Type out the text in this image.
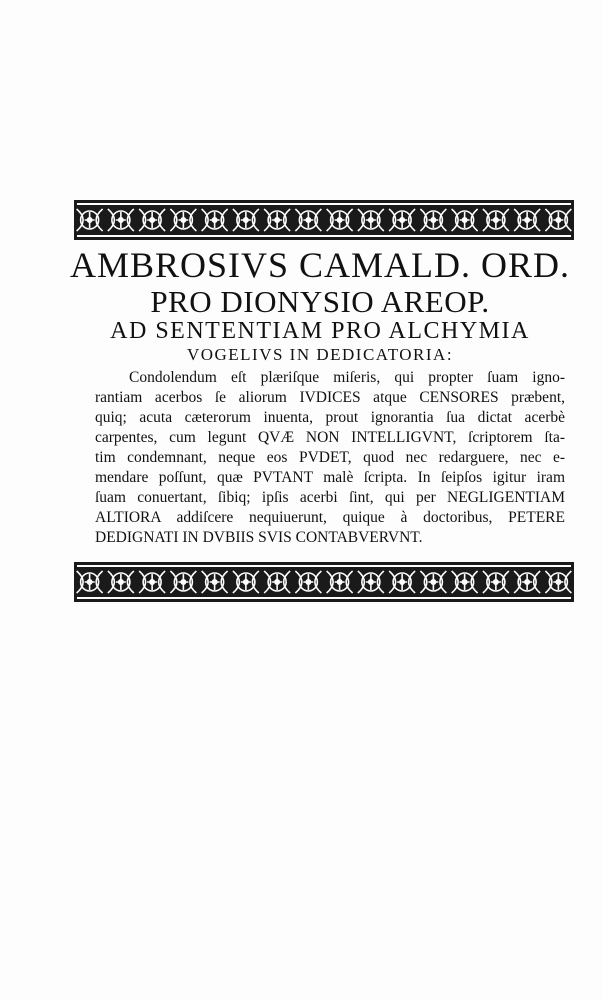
AMBROSIVS CAMALD. ORD.
PRO DIONYSIO AREOP.
AD SENTENTIAM PRO ALCHYMIA
VOGELIVS IN DEDICATORIA:
Condolendum eſt plæriſque miſeris, qui propter ſuam igno-
rantiam acerbos ſe aliorum IVDICES atque CENSORES præbent,
quiq; acuta cæterorum inuenta, prout ignorantia ſua dictat acerbè
carpentes, cum legunt QVÆ NON INTELLIGVNT, ſcriptorem ſta-
tim condemnant, neque eos PVDET, quod nec redarguere, nec e-
mendare poſſunt, quæ PVTANT malè ſcripta. In ſeipſos igitur iram
ſuam conuertant, ſibiq; ipſis acerbi ſint, qui per NEGLIGENTIAM
ALTIORA addiſcere nequiuerunt, quique à doctoribus, PETERE
DEDIGNATI IN DVBIIS SVIS CONTABVERVNT.
